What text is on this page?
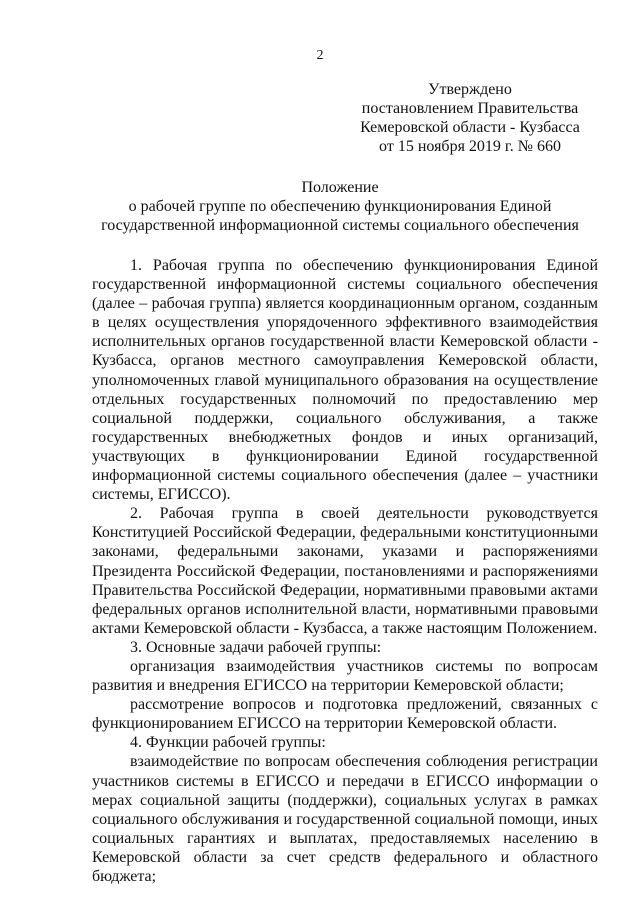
2
Утверждено
постановлением Правительства
Кемеровской области - Кузбасса
от 15 ноября 2019 г. № 660
Положение
о рабочей группе по обеспечению функционирования Единой
государственной информационной системы социального обеспечения

1. Рабочая группа по обеспечению функционирования Единой государственной информационной системы социального обеспечения (далее – рабочая группа) является координационным органом, созданным в целях осуществления упорядоченного эффективного взаимодействия исполнительных органов государственной власти Кемеровской области - Кузбасса, органов местного самоуправления Кемеровской области, уполномоченных главой муниципального образования на осуществление отдельных государственных полномочий по предоставлению мер социальной поддержки, социального обслуживания, а также государственных внебюджетных фондов и иных организаций, участвующих в функционировании Единой государственной информационной системы социального обеспечения (далее – участники системы, ЕГИССО).

2. Рабочая группа в своей деятельности руководствуется Конституцией Российской Федерации, федеральными конституционными законами, федеральными законами, указами и распоряжениями Президента Российской Федерации, постановлениями и распоряжениями Правительства Российской Федерации, нормативными правовыми актами федеральных органов исполнительной власти, нормативными правовыми актами Кемеровской области - Кузбасса, а также настоящим Положением.

3. Основные задачи рабочей группы:

организация взаимодействия участников системы по вопросам развития и внедрения ЕГИССО на территории Кемеровской области;

рассмотрение вопросов и подготовка предложений, связанных с функционированием ЕГИССО на территории Кемеровской области.

4. Функции рабочей группы:

взаимодействие по вопросам обеспечения соблюдения регистрации участников системы в ЕГИССО и передачи в ЕГИССО информации о мерах социальной защиты (поддержки), социальных услугах в рамках социального обслуживания и государственной социальной помощи, иных социальных гарантиях и выплатах, предоставляемых населению в Кемеровской области за счет средств федерального и областного бюджета;
